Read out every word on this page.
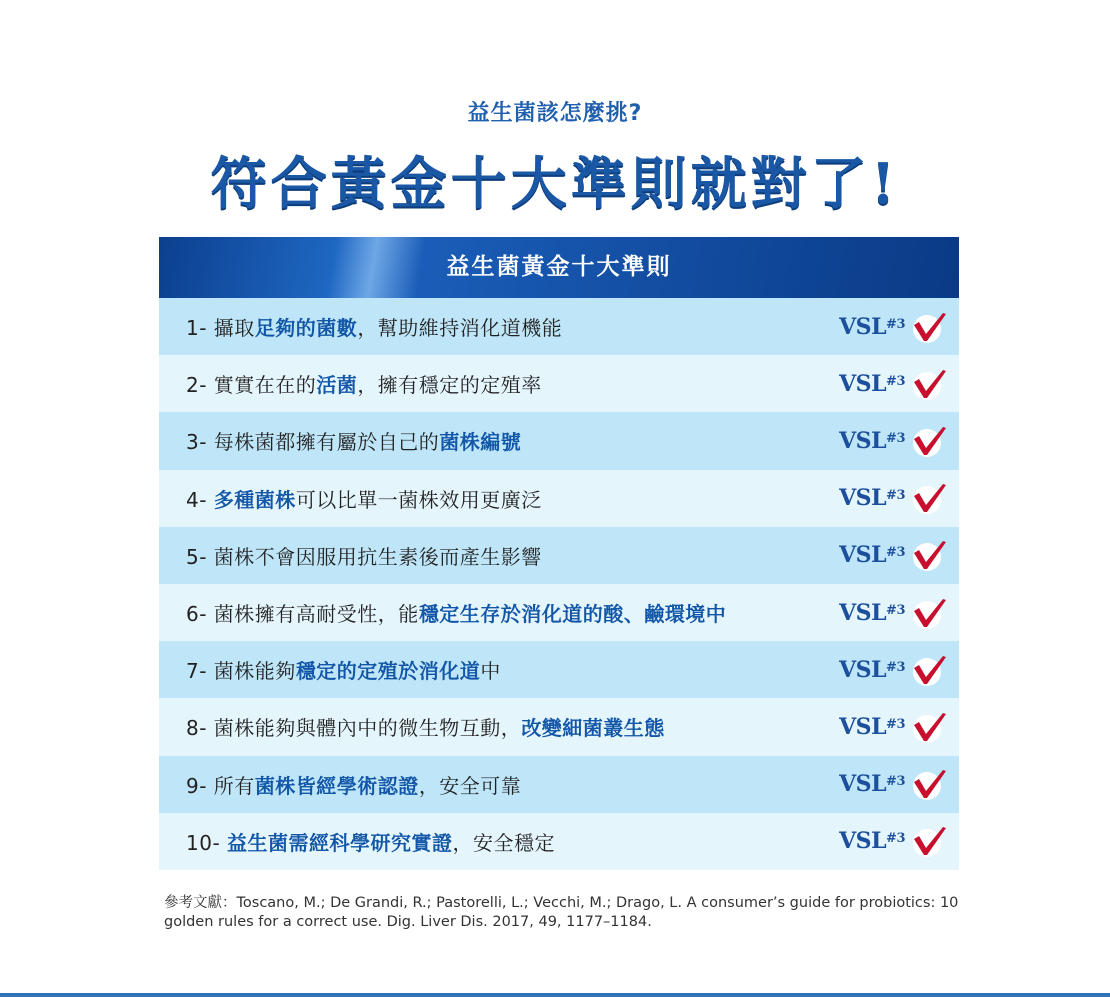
益生菌該怎麼挑?
符合黃金十大準則就對了!
益生菌黃金十大準則
1- 攝取足夠的菌數，幫助維持消化道機能	VSL$^{\#3}$
2- 實實在在的活菌，擁有穩定的定殖率	VSL$^{\#3}$
3- 每株菌都擁有屬於自己的菌株編號	VSL$^{\#3}$
4- 多種菌株可以比單一菌株效用更廣泛	VSL$^{\#3}$
5- 菌株不會因服用抗生素後而產生影響	VSL$^{\#3}$
6- 菌株擁有高耐受性，能穩定生存於消化道的酸、鹼環境中	VSL$^{\#3}$
7- 菌株能夠穩定的定殖於消化道中	VSL$^{\#3}$
8- 菌株能夠與體內中的微生物互動，改變細菌叢生態	VSL$^{\#3}$
9- 所有菌株皆經學術認證，安全可靠	VSL$^{\#3}$
10- 益生菌需經科學研究實證，安全穩定	VSL$^{\#3}$
參考文獻：Toscano, M.; De Grandi, R.; Pastorelli, L.; Vecchi, M.; Drago, L. A consumer’s guide for probiotics: 10 golden rules for a correct use. Dig. Liver Dis. 2017, 49, 1177–1184.
